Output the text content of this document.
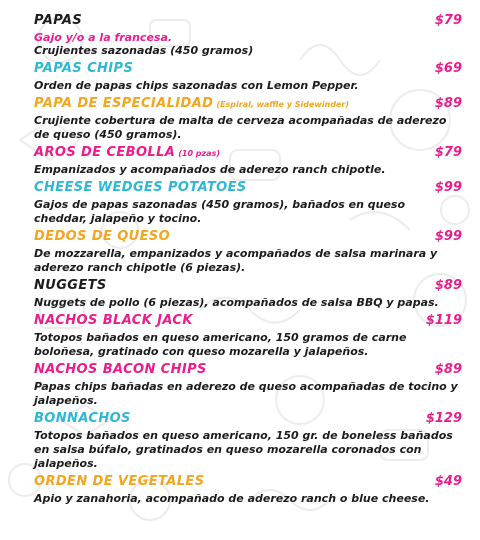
PAPAS	$79
Gajo y/o a la francesa.
Crujientes sazonadas (450 gramos)
PAPAS CHIPS	$69
Orden de papas chips sazonadas con Lemon Pepper.
PAPA DE ESPECIALIDAD (Espiral, waffle y Sidewinder)	$89
Crujiente cobertura de malta de cerveza acompañadas de aderezo de queso (450 gramos).
AROS DE CEBOLLA (10 pzas)	$79
Empanizados y acompañados de aderezo ranch chipotle.
CHEESE WEDGES POTATOES	$99
Gajos de papas sazonadas (450 gramos), bañados en queso cheddar, jalapeño y tocino.
DEDOS DE QUESO	$99
De mozzarella, empanizados y acompañados de salsa marinara y aderezo ranch chipotle (6 piezas).
NUGGETS	$89
Nuggets de pollo (6 piezas), acompañados de salsa BBQ y papas.
NACHOS BLACK JACK	$119
Totopos bañados en queso americano, 150 gramos de carne boloñesa, gratinado con queso mozarella y jalapeños.
NACHOS BACON CHIPS	$89
Papas chips bañadas en aderezo de queso acompañadas de tocino y jalapeños.
BONNACHOS	$129
Totopos bañados en queso americano, 150 gr. de boneless bañados en salsa búfalo, gratinados en queso mozarella coronados con jalapeños.
ORDEN DE VEGETALES	$49
Apio y zanahoria, acompañado de aderezo ranch o blue cheese.
